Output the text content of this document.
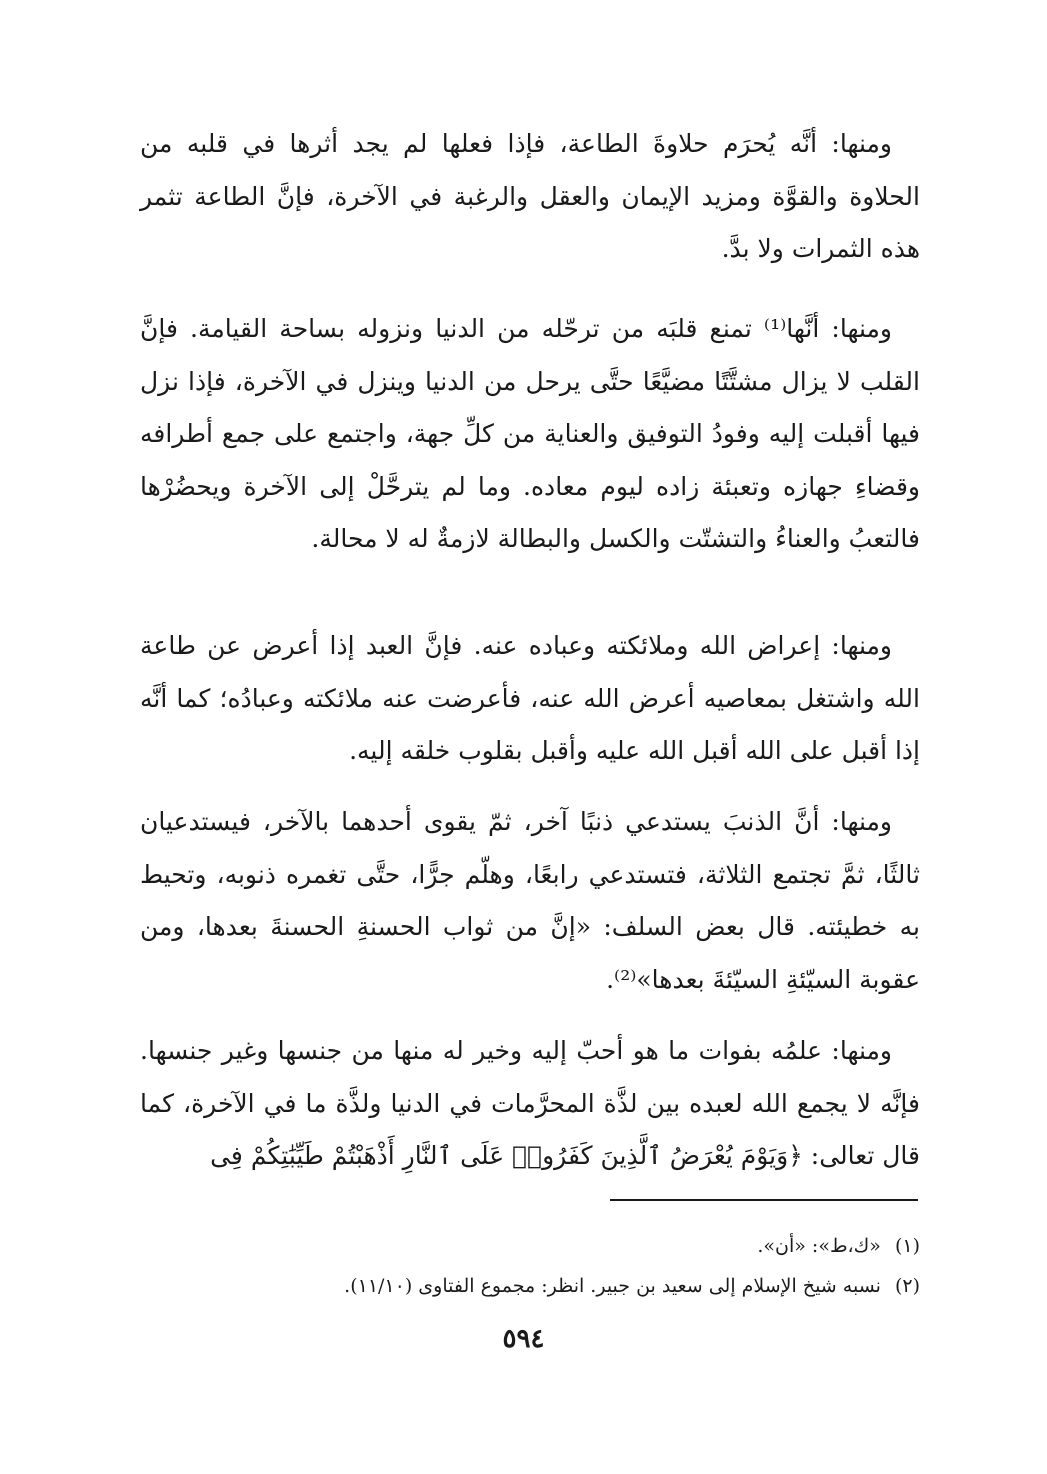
ومنها: أنَّه يُحرَم حلاوةَ الطاعة، فإذا فعلها لم يجد أثرها في قلبه من الحلاوة والقوَّة ومزيد الإيمان والعقل والرغبة في الآخرة، فإنَّ الطاعة تثمر هذه الثمرات ولا بدَّ.

ومنها: أنَّها⁽¹⁾ تمنع قلبَه من ترحّله من الدنيا ونزوله بساحة القيامة. فإنَّ القلب لا يزال مشتَّتًا مضيَّعًا حتَّى يرحل من الدنيا وينزل في الآخرة، فإذا نزل فيها أقبلت إليه وفودُ التوفيق والعناية من كلِّ جهة، واجتمع على جمع أطرافه وقضاءِ جهازه وتعبئة زاده ليوم معاده. وما لم يترحَّلْ إلى الآخرة ويحضُرْها فالتعبُ والعناءُ والتشتّت والكسل والبطالة لازمةٌ له لا محالة.

ومنها: إعراض الله وملائكته وعباده عنه. فإنَّ العبد إذا أعرض عن طاعة الله واشتغل بمعاصيه أعرض الله عنه، فأعرضت عنه ملائكته وعبادُه؛ كما أنَّه إذا أقبل على الله أقبل الله عليه وأقبل بقلوب خلقه إليه.

ومنها: أنَّ الذنبَ يستدعي ذنبًا آخر، ثمّ يقوى أحدهما بالآخر، فيستدعيان ثالثًا، ثمَّ تجتمع الثلاثة، فتستدعي رابعًا، وهلّم جرًّا، حتَّى تغمره ذنوبه، وتحيط به خطيئته. قال بعض السلف: «إنَّ من ثواب الحسنةِ الحسنةَ بعدها، ومن عقوبة السيّئةِ السيّئةَ بعدها»⁽²⁾.

ومنها: علمُه بفوات ما هو أحبّ إليه وخير له منها من جنسها وغير جنسها. فإنَّه لا يجمع الله لعبده بين لذَّة المحرَّمات في الدنيا ولذَّة ما في الآخرة، كما قال تعالى: ﴿وَيَوْمَ يُعْرَضُ ٱلَّذِينَ كَفَرُوا۟ عَلَى ٱلنَّارِ أَذْهَبْتُمْ طَيِّبَٰتِكُمْ فِى

(١)«ك،ط»: «أن».

(٢)نسبه شيخ الإسلام إلى سعيد بن جبير. انظر: مجموع الفتاوى (١١/١٠).

٥٩٤
